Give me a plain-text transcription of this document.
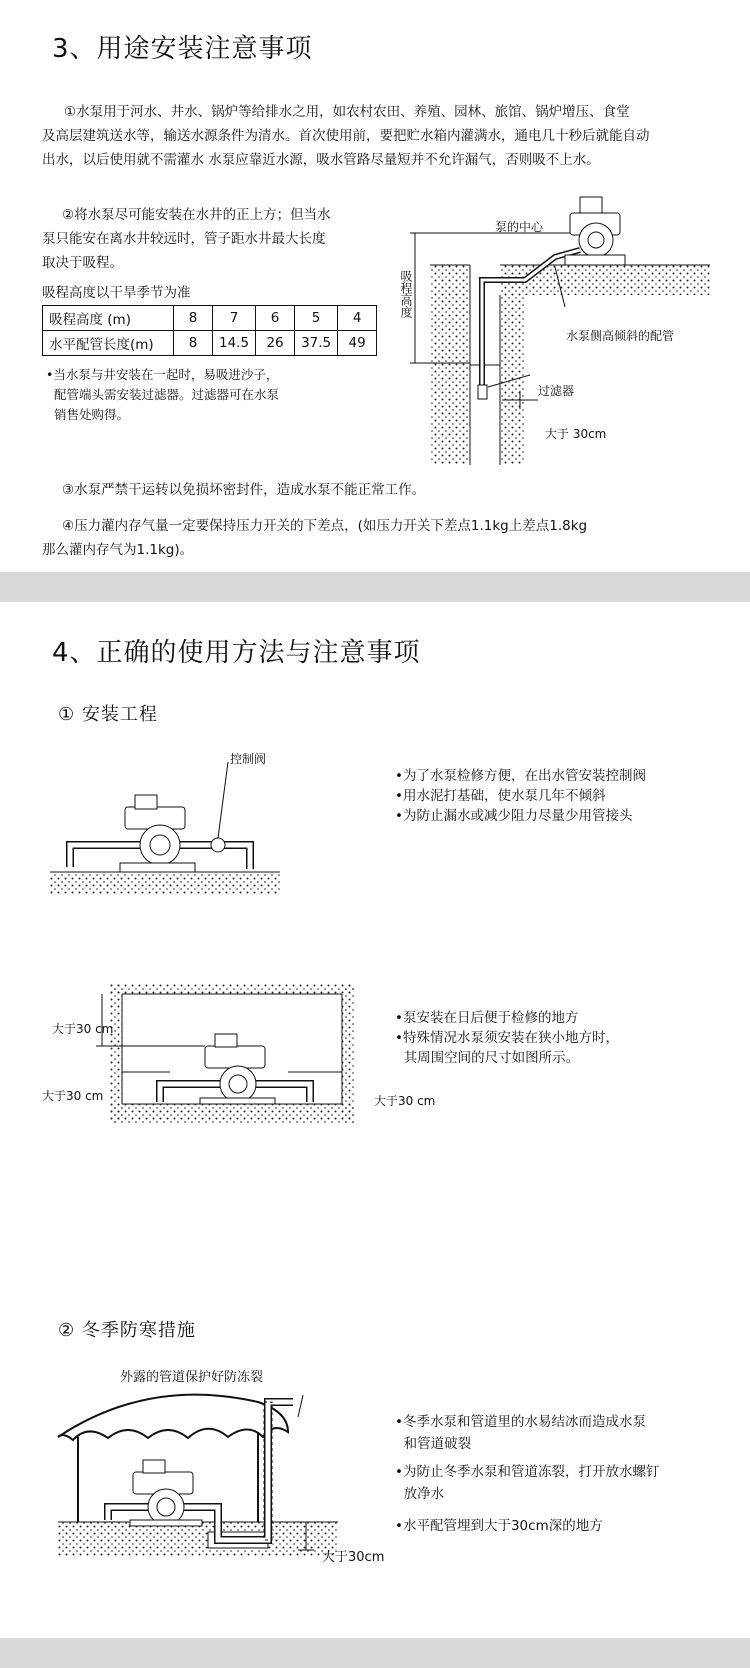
3、用途安装注意事项
①水泵用于河水、井水、锅炉等给排水之用，如农村农田、养殖、园林、旅馆、锅炉增压、食堂
及高层建筑送水等，输送水源条件为清水。首次使用前，要把贮水箱内灌满水，通电几十秒后就能自动
出水，以后使用就不需灌水 水泵应靠近水源，吸水管路尽量短并不允许漏气，否则吸不上水。
②将水泵尽可能安装在水井的正上方；但当水
泵只能安在离水井较远时，管子距水井最大长度
取决于吸程。
吸程高度以干旱季节为准
吸程高度 (m)	8	7	6	5	4
水平配管长度(m)	8	14.5	26	37.5	49
•当水泵与井安装在一起时，易吸进沙子，
配管端头需安装过滤器。过滤器可在水泵
销售处购得。
泵的中心
吸程高度
水泵侧高倾斜的配管
过滤器
大于 30cm
③水泵严禁干运转以免损坏密封件，造成水泵不能正常工作。
④压力灌内存气量一定要保持压力开关的下差点，(如压力开关下差点1.1kg上差点1.8kg
那么灌内存气为1.1kg)。
4、正确的使用方法与注意事项
① 安装工程
控制阀
•为了水泵检修方便，在出水管安装控制阀
•用水泥打基础，使水泵几年不倾斜
•为防止漏水或减少阻力尽量少用管接头
大于30 cm
大于30 cm	大于30 cm
•泵安装在日后便于检修的地方
•特殊情况水泵须安装在狭小地方时，
其周围空间的尺寸如图所示。
② 冬季防寒措施
外露的管道保护好防冻裂
大于30cm
•冬季水泵和管道里的水易结冰而造成水泵
和管道破裂
•为防止冬季水泵和管道冻裂，打开放水螺钉
放净水
•水平配管埋到大于30cm深的地方
